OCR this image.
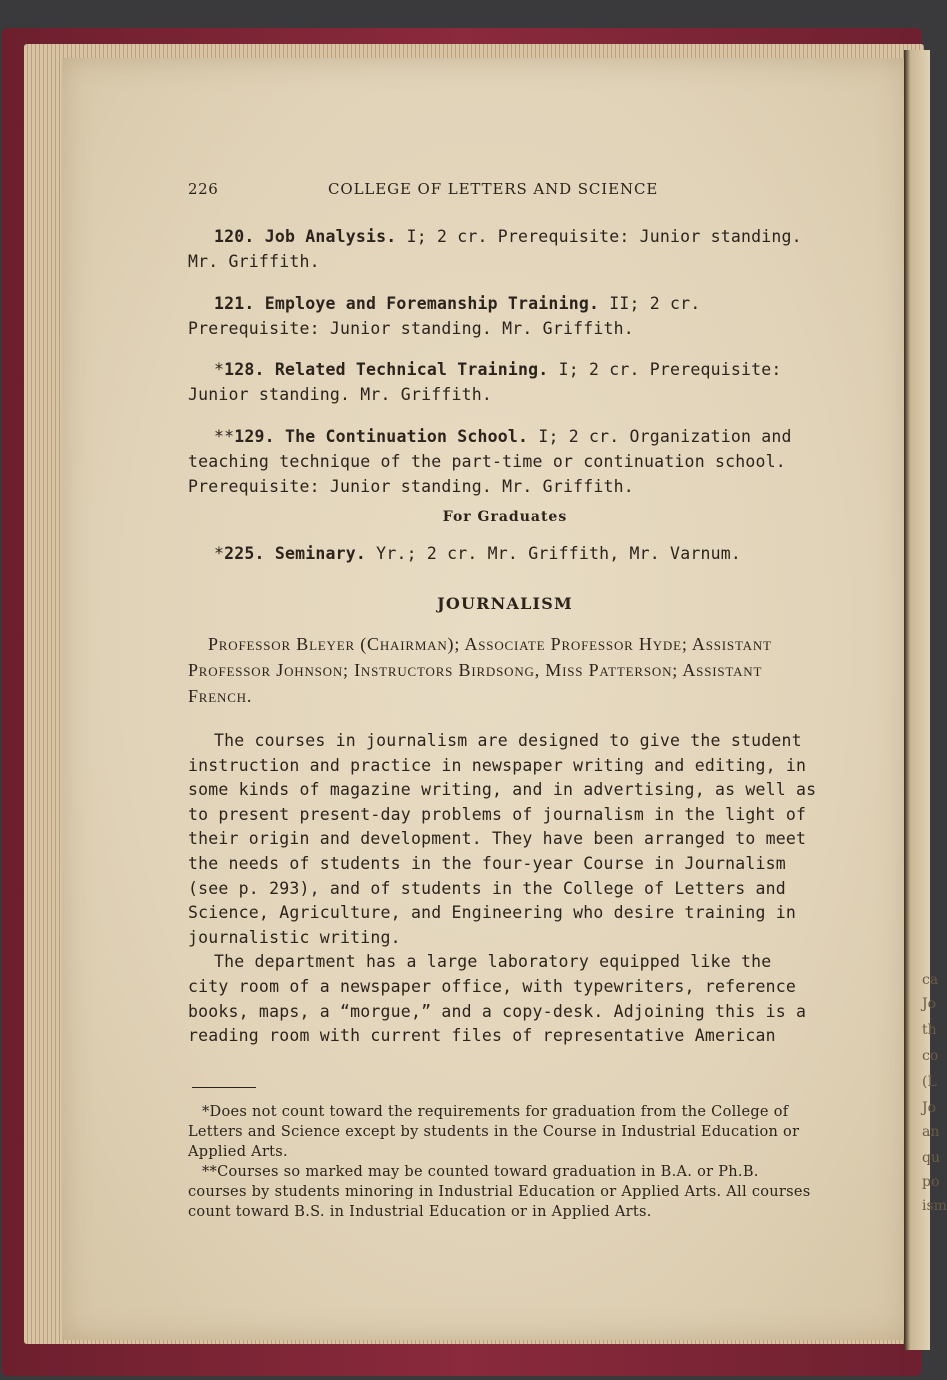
ca
Jo
th
co
(L
Jo
an
qu
po
ism
226	COLLEGE OF LETTERS AND SCIENCE

120. Job Analysis. I; 2 cr. Prerequisite: Junior standing. Mr. Griffith.

121. Employe and Foremanship Training. II; 2 cr. Prerequisite: Junior standing. Mr. Griffith.

*128. Related Technical Training. I; 2 cr. Prerequisite: Junior standing. Mr. Griffith.

**129. The Continuation School. I; 2 cr. Organization and teaching technique of the part-time or continuation school. Prerequisite: Junior standing. Mr. Griffith.

For Graduates

*225. Seminary. Yr.; 2 cr. Mr. Griffith, Mr. Varnum.

JOURNALISM

Professor Bleyer (Chairman); Associate Professor Hyde; Assistant Professor Johnson; Instructors Birdsong, Miss Patterson; Assistant French.

The courses in journalism are designed to give the student instruction and practice in newspaper writing and editing, in some kinds of magazine writing, and in advertising, as well as to present present-day problems of journalism in the light of their origin and development. They have been arranged to meet the needs of students in the four-year Course in Journalism (see p. 293), and of students in the College of Letters and Science, Agriculture, and Engineering who desire training in journalistic writing.

The department has a large laboratory equipped like the city room of a newspaper office, with typewriters, reference books, maps, a “morgue,” and a copy-desk. Adjoining this is a reading room with current files of representative American

*Does not count toward the requirements for graduation from the College of Letters and Science except by students in the Course in Industrial Education or Applied Arts.

**Courses so marked may be counted toward graduation in B.A. or Ph.B. courses by students minoring in Industrial Education or Applied Arts. All courses count toward B.S. in Industrial Education or in Applied Arts.
